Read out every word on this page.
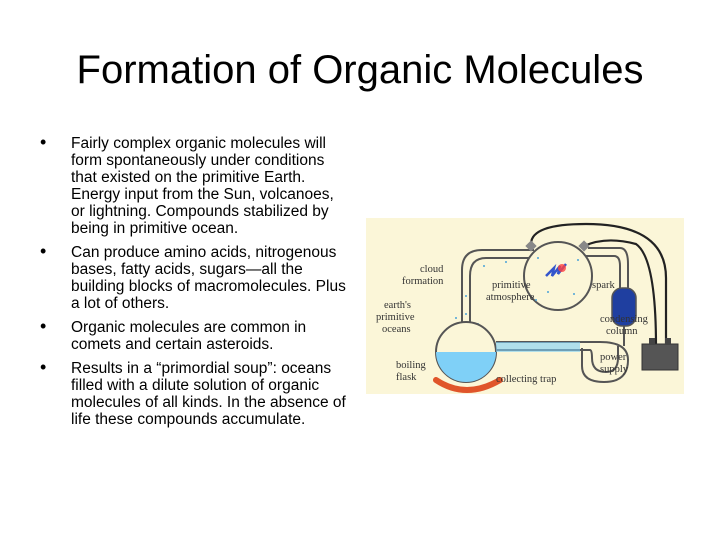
Formation of Organic Molecules
• Fairly complex organic molecules will form spontaneously under conditions that existed on the primitive Earth. Energy input from the Sun, volcanoes, or lightning. Compounds stabilized by being in primitive ocean.
• Can produce amino acids, nitrogenous bases, fatty acids, sugars—all the building blocks of macromolecules. Plus a lot of others.
• Organic molecules are common in comets and certain asteroids.
• Results in a “primordial soup”: oceans filled with a dilute solution of organic molecules of all kinds. In the absence of life these compounds accumulate.
cloud
formation	primitive
atmosphere
spark
earth's
primitive
oceans
condensing
column
boiling
flask
power
supply
collecting trap
